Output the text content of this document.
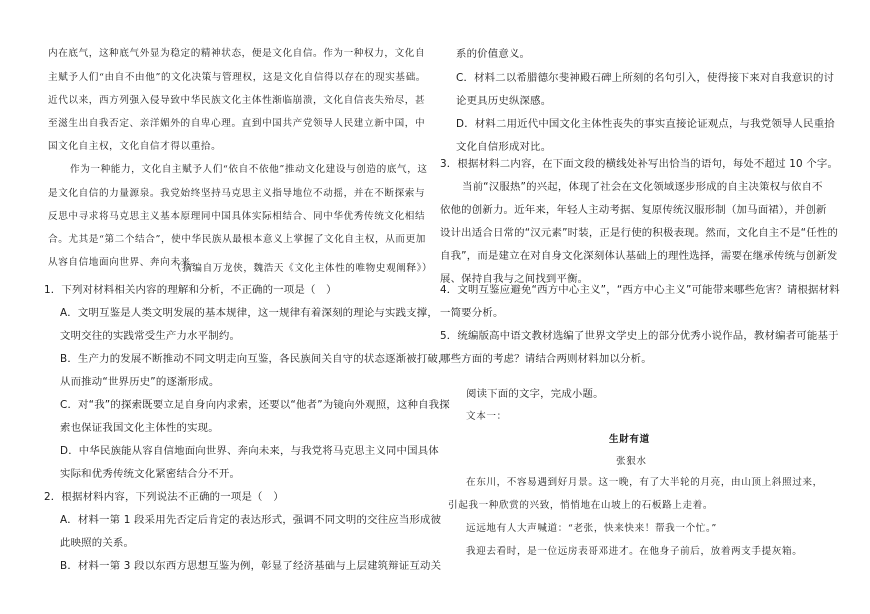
内在底气，这种底气外显为稳定的精神状态，便是文化自信。作为一种权力，文化自
主赋予人们“由自不由他”的文化决策与管理权，这是文化自信得以存在的现实基础。
近代以来，西方列强入侵导致中华民族文化主体性渐临崩溃，文化自信丧失殆尽，甚
至滋生出自我否定、亲洋媚外的自卑心理。直到中国共产党领导人民建立新中国，中
国文化自主权，文化自信才得以重拾。
作为一种能力，文化自主赋予人们“依自不依他”推动文化建设与创造的底气，这
是文化自信的力量源泉。我党始终坚持马克思主义指导地位不动摇，并在不断探索与
反思中寻求将马克思主义基本原理同中国具体实际相结合、同中华优秀传统文化相结
合。尤其是“第二个结合”，使中华民族从最根本意义上掌握了文化自主权，从而更加
从容自信地面向世界、奔向未来。
（摘编自万龙侠，魏浩天《文化主体性的唯物史观阐释》）
1．下列对材料相关内容的理解和分析，不正确的一项是（　）
A．文明互鉴是人类文明发展的基本规律，这一规律有着深刻的理论与实践支撑，
文明交往的实践常受生产力水平制约。
B．生产力的发展不断推动不同文明走向互鉴，各民族间关自守的状态逐渐被打破，
从而推动“世界历史”的逐渐形成。
C．对“我”的探索既要立足自身向内求索，还要以“他者”为镜向外观照，这种自我探
索也保证我国文化主体性的实现。
D．中华民族能从容自信地面向世界、奔向未来，与我党将马克思主义同中国具体
实际和优秀传统文化紧密结合分不开。
2．根据材料内容，下列说法不正确的一项是（　）
A．材料一第 1 段采用先否定后肯定的表达形式，强调不同文明的交往应当形成彼
此映照的关系。
B．材料一第 3 段以东西方思想互鉴为例，彰显了经济基础与上层建筑辩证互动关
系的价值意义。
C．材料二以希腊德尔斐神殿石碑上所刻的名句引入，使得接下来对自我意识的讨
论更具历史纵深感。
D．材料二用近代中国文化主体性丧失的事实直接论证观点，与我党领导人民重拾
文化自信形成对比。
3．根据材料二内容，在下面文段的横线处补写出恰当的语句，每处不超过 10 个字。
当前“汉服热”的兴起，体现了社会在文化领域逐步形成的自主决策权与依自不
依他的创新力。近年来，年轻人主动考据、复原传统汉服形制（加马面裙），并创新
设计出适合日常的“汉元素”时装，正是行使的积极表现。然而，文化自主不是“任性的
自我”，而是建立在对自身文化深刻体认基础上的理性选择，需要在继承传统与创新发
展、保持自我与之间找到平衡。
4．文明互鉴应避免“西方中心主义”，“西方中心主义”可能带来哪些危害？请根据材料
一简要分析。
5．统编版高中语文教材选编了世界文学史上的部分优秀小说作品，教材编者可能基于
哪些方面的考虑？请结合两则材料加以分析。
阅读下面的文字，完成小题。
文本一：
生財有道
张狠水
在东川，不容易遇到好月景。这一晚，有了大半轮的月亮，由山顶上斜照过来，
引起我一种欣赏的兴致，悄悄地在山坡上的石板路上走着。
远远地有人大声喊道：“老张，快来快来！帮我一个忙。”
我迎去看时，是一位远房表哥邓进才。在他身子前后，放着两支手提灰箱。
